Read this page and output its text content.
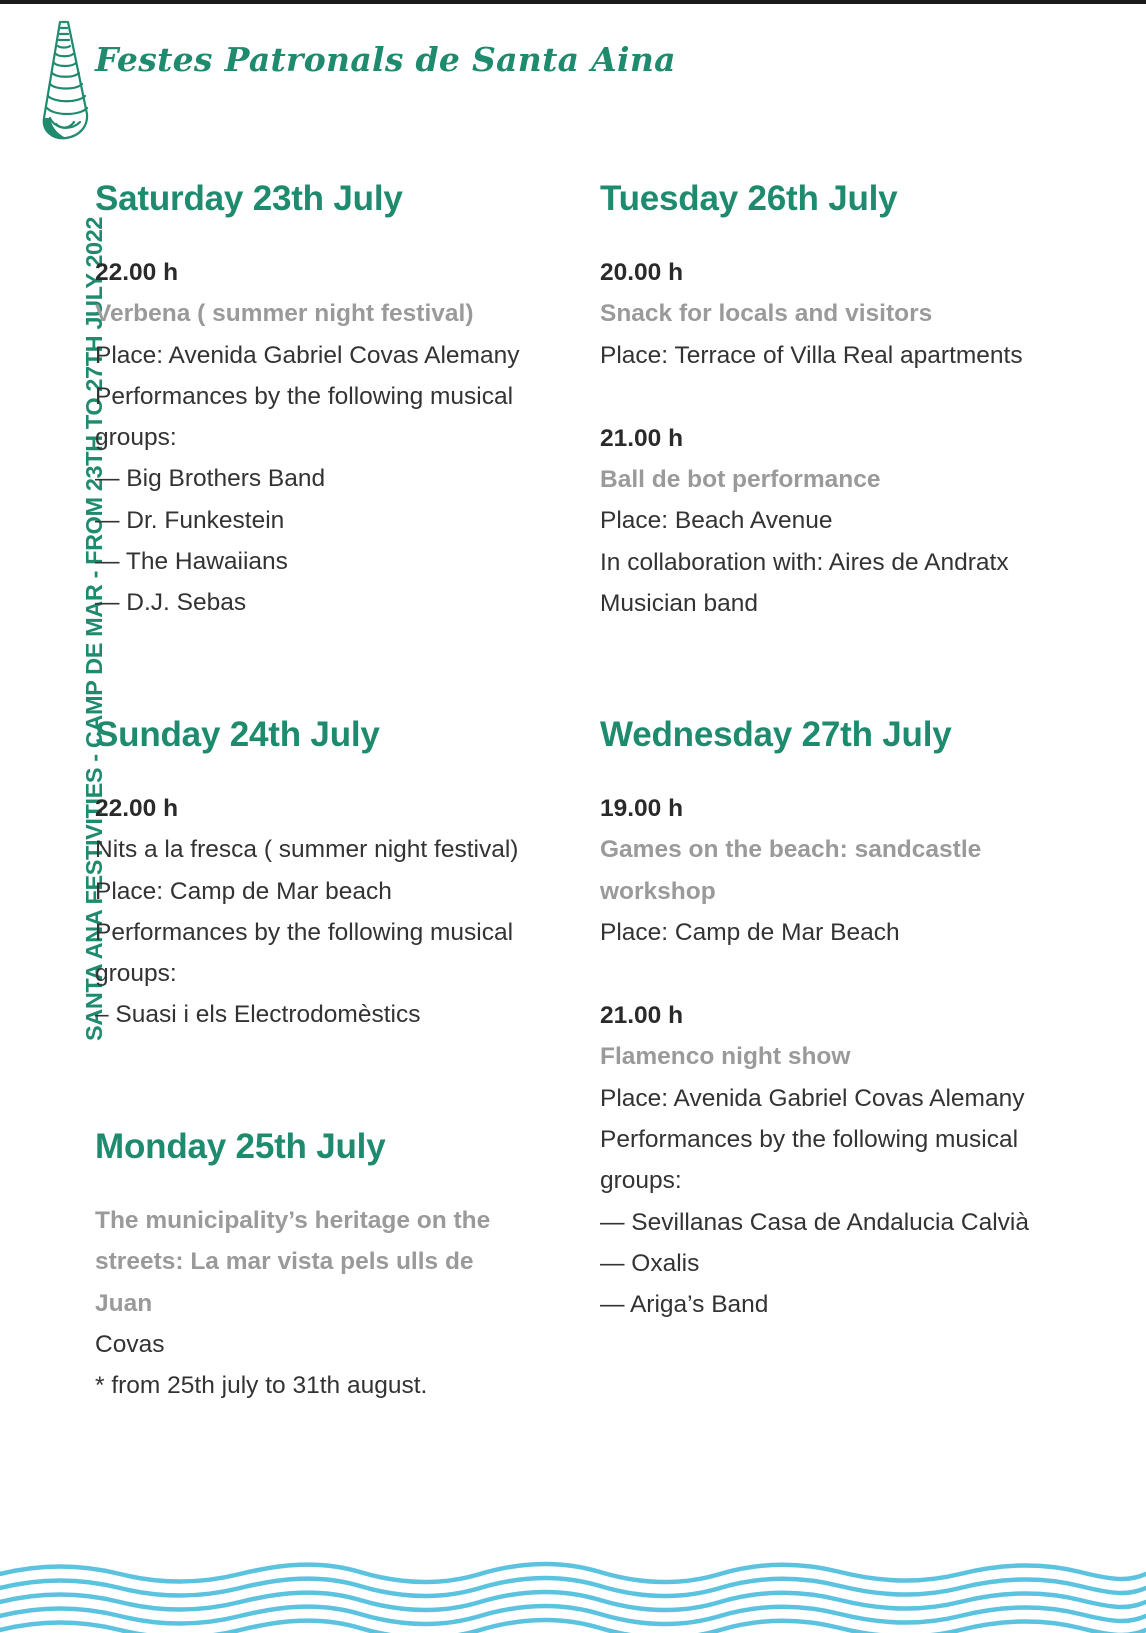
Festes Patronals de Santa Aina
SANTA ANA FESTIVITIES - CAMP DE MAR - FROM 23TH TO 27TH JULY 2022
Saturday 23th July
22.00 h
Verbena ( summer night festival)
Place: Avenida Gabriel Covas Alemany
Performances by the following musical
groups:
— Big Brothers Band
— Dr. Funkestein
— The Hawaiians
— D.J. Sebas
Sunday 24th July
22.00 h
Nits a la fresca ( summer night festival)
Place: Camp de Mar beach
Performances by the following musical
groups:
– Suasi i els Electrodomèstics
Monday 25th July
The municipality’s heritage on the streets: La mar vista pels ulls de Juan
Covas
* from 25th july to 31th august.
Tuesday 26th July
20.00 h
Snack for locals and visitors
Place: Terrace of Villa Real apartments
21.00 h
Ball de bot performance
Place: Beach Avenue
In collaboration with: Aires de Andratx
Musician band
Wednesday 27th July
19.00 h
Games on the beach: sandcastle workshop
Place: Camp de Mar Beach
21.00 h
Flamenco night show
Place: Avenida Gabriel Covas Alemany
Performances by the following musical
groups:
— Sevillanas Casa de Andalucia Calvià
— Oxalis
— Ariga’s Band
